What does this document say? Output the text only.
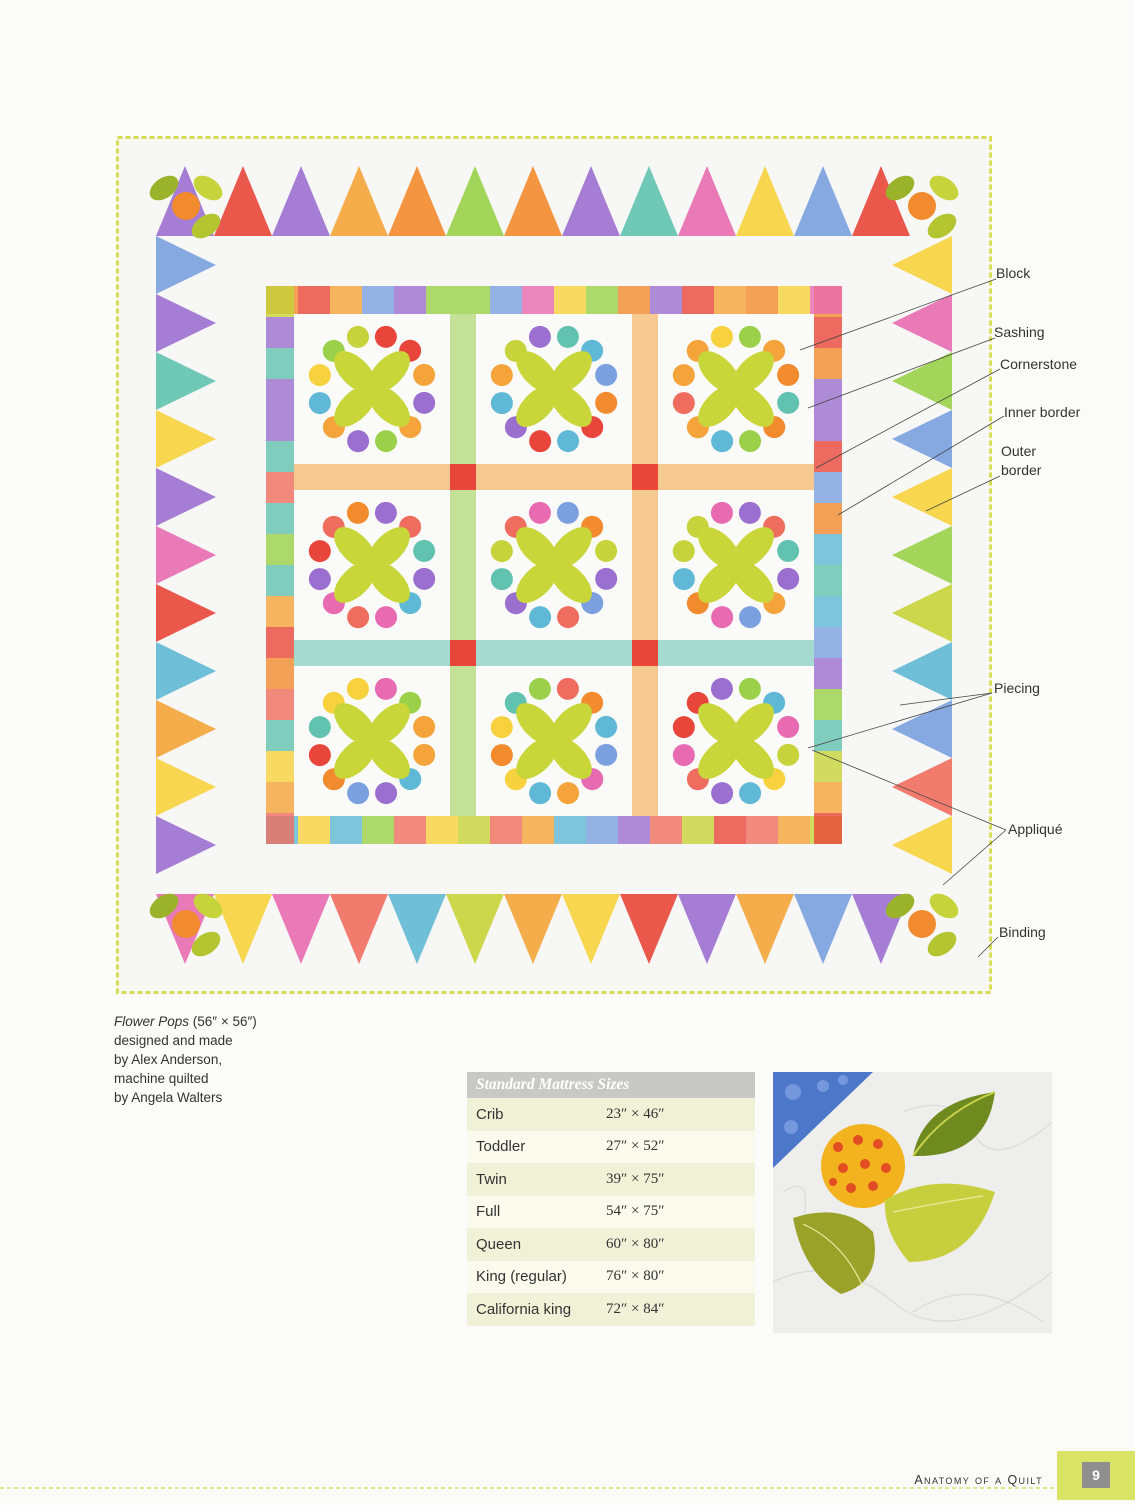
Block
Sashing
Cornerstone
Inner border
Outer
border
Piecing
Appliqué
Binding
Flower Pops (56″ × 56″)
designed and made
by Alex Anderson,
machine quilted
by Angela Walters
Standard Mattress Sizes	
Crib	23″ × 46″
Toddler	27″ × 52″
Twin	39″ × 75″
Full	54″ × 75″
Queen	60″ × 80″
King (regular)	76″ × 80″
California king	72″ × 84″
Anatomy of a Quilt	9
